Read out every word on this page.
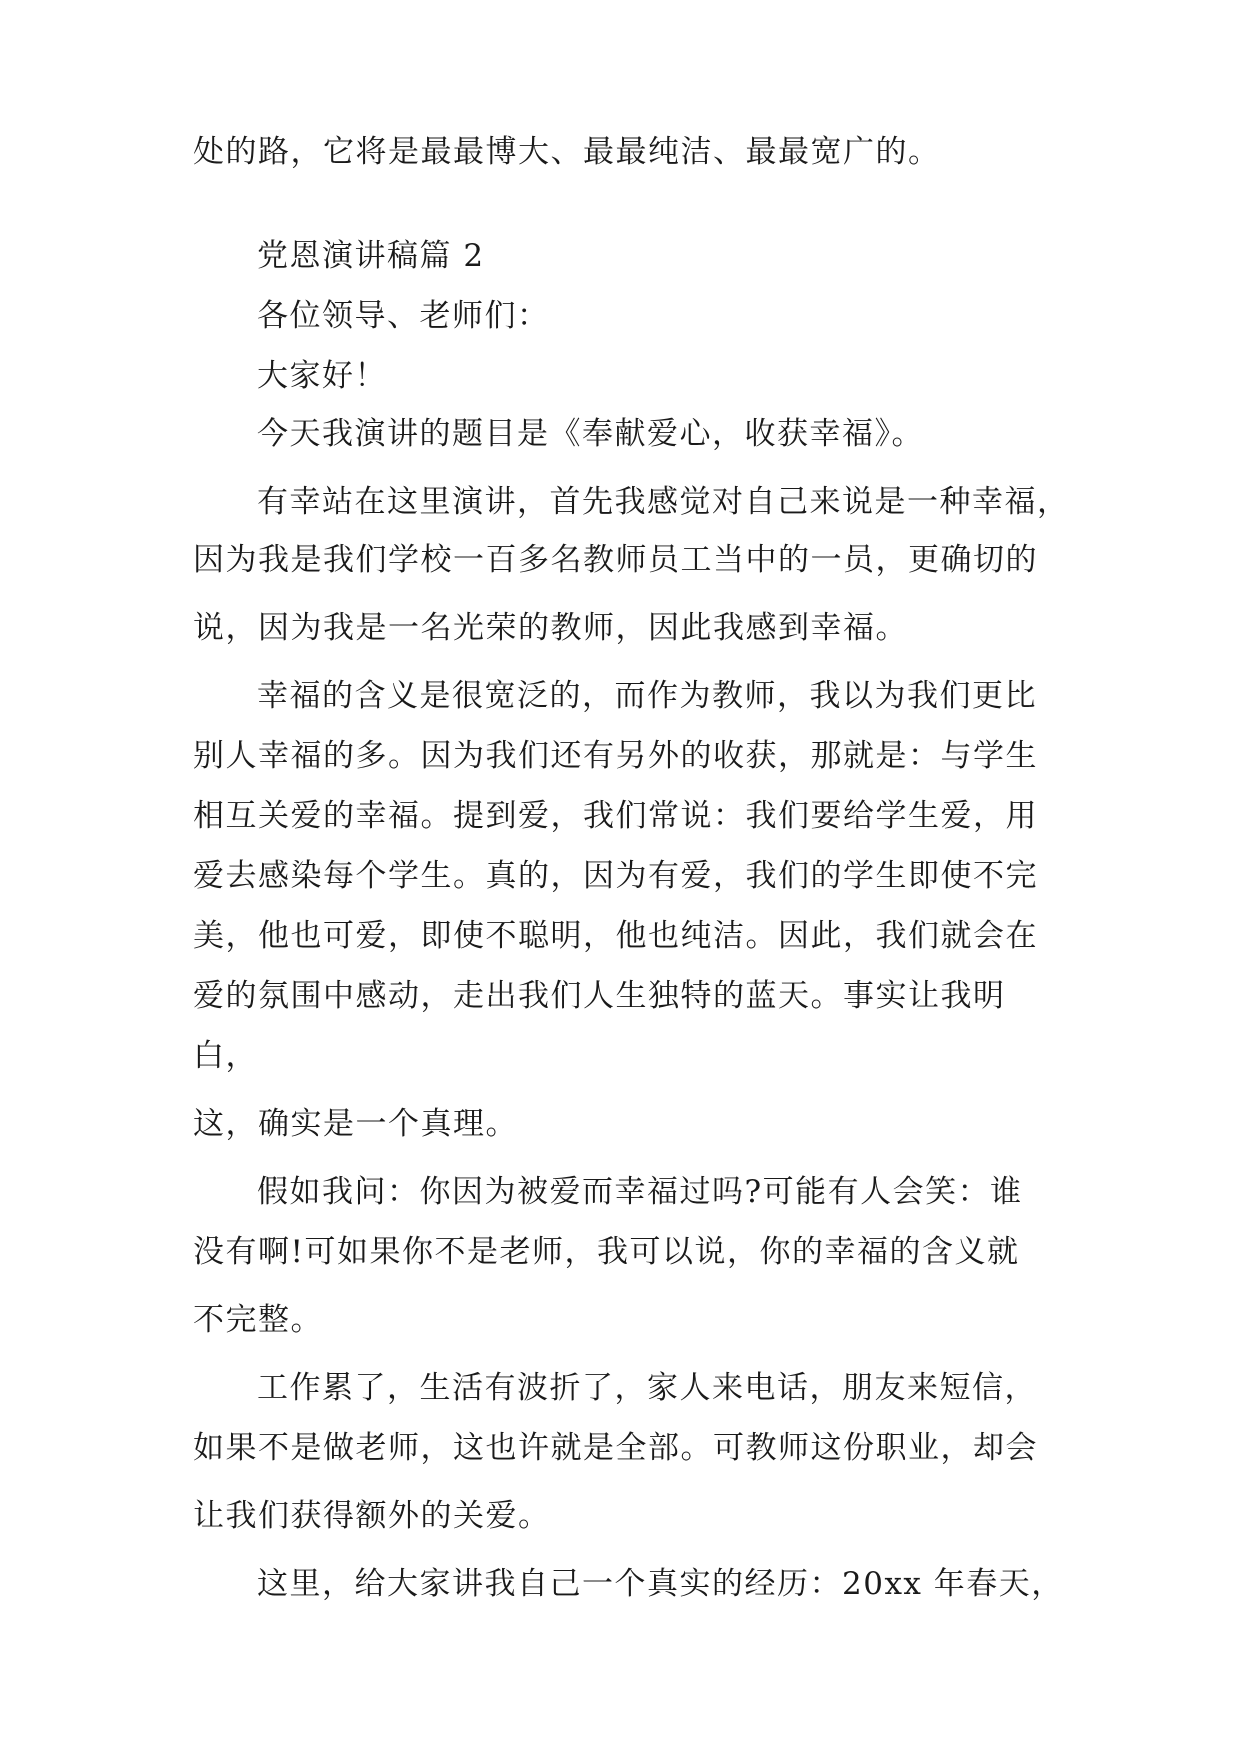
处的路，它将是最最博大、最最纯洁、最最宽广的。
党恩演讲稿篇 2
各位领导、老师们：
大家好！
今天我演讲的题目是《奉献爱心，收获幸福》。
有幸站在这里演讲，首先我感觉对自己来说是一种幸福，
因为我是我们学校一百多名教师员工当中的一员，更确切的
说，因为我是一名光荣的教师，因此我感到幸福。
幸福的含义是很宽泛的，而作为教师，我以为我们更比
别人幸福的多。因为我们还有另外的收获，那就是：与学生
相互关爱的幸福。提到爱，我们常说：我们要给学生爱，用
爱去感染每个学生。真的，因为有爱，我们的学生即使不完
美，他也可爱，即使不聪明，他也纯洁。因此，我们就会在
爱的氛围中感动，走出我们人生独特的蓝天。事实让我明
白，
这，确实是一个真理。
假如我问：你因为被爱而幸福过吗?可能有人会笑：谁
没有啊!可如果你不是老师，我可以说，你的幸福的含义就
不完整。
工作累了，生活有波折了，家人来电话，朋友来短信，
如果不是做老师，这也许就是全部。可教师这份职业，却会
让我们获得额外的关爱。
这里，给大家讲我自己一个真实的经历：20xx 年春天，
